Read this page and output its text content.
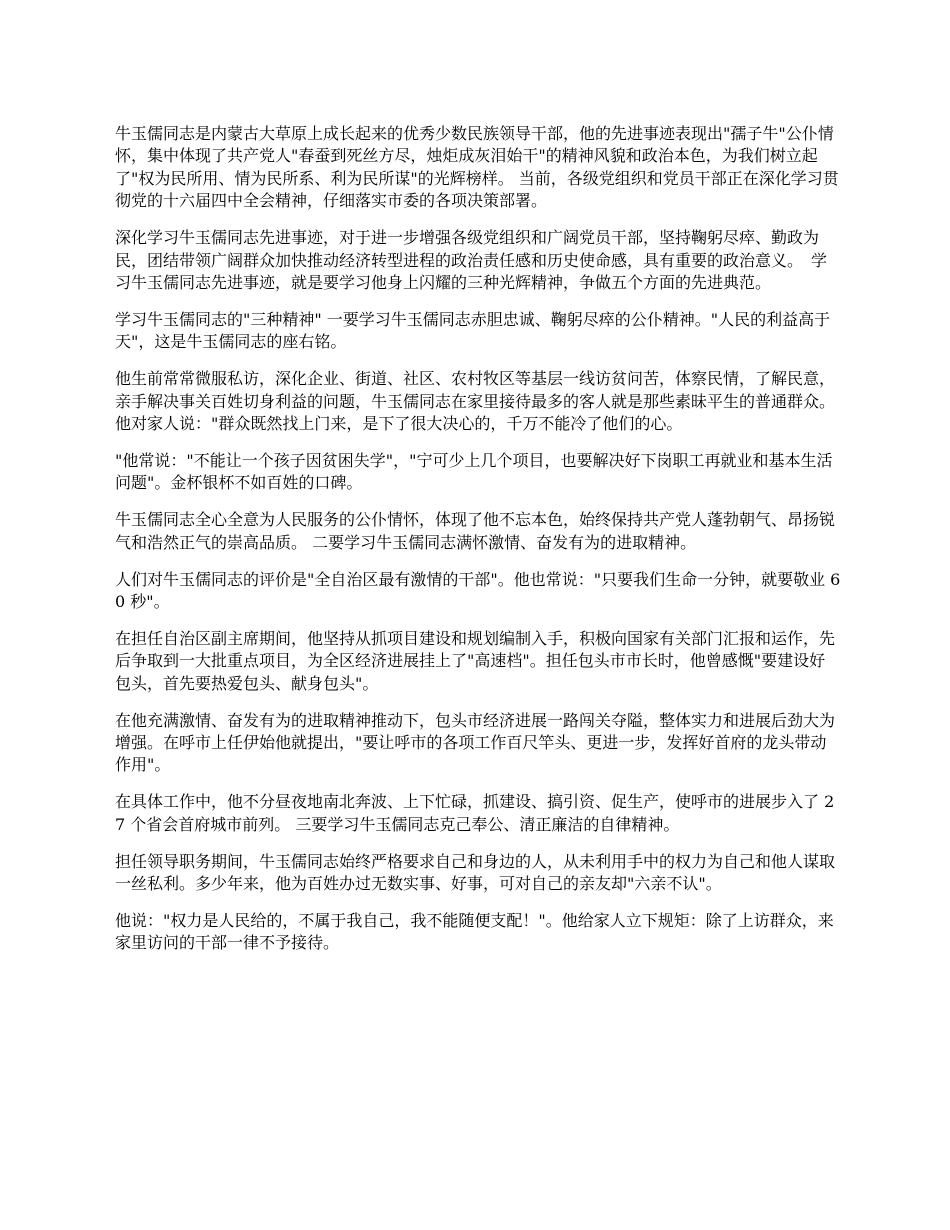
牛玉儒同志是内蒙古大草原上成长起来的优秀少数民族领导干部，他的先进事迹表现出"孺子牛"公仆情怀，集中体现了共产党人"春蚕到死丝方尽，烛炬成灰泪始干"的精神风貌和政治本色，为我们树立起了"权为民所用、情为民所系、利为民所谋"的光辉榜样。 当前，各级党组织和党员干部正在深化学习贯彻党的十六届四中全会精神，仔细落实市委的各项决策部署。

深化学习牛玉儒同志先进事迹，对于进一步增强各级党组织和广阔党员干部，坚持鞠躬尽瘁、勤政为民，团结带领广阔群众加快推动经济转型进程的政治责任感和历史使命感，具有重要的政治意义。　学习牛玉儒同志先进事迹，就是要学习他身上闪耀的三种光辉精神，争做五个方面的先进典范。

学习牛玉儒同志的"三种精神" 一要学习牛玉儒同志赤胆忠诚、鞠躬尽瘁的公仆精神。"人民的利益高于天"，这是牛玉儒同志的座右铭。

他生前常常微服私访，深化企业、街道、社区、农村牧区等基层一线访贫问苦，体察民情，了解民意，亲手解决事关百姓切身利益的问题，牛玉儒同志在家里接待最多的客人就是那些素昧平生的普通群众。他对家人说："群众既然找上门来，是下了很大决心的，千万不能冷了他们的心。

"他常说："不能让一个孩子因贫困失学"，"宁可少上几个项目，也要解决好下岗职工再就业和基本生活问题"。金杯银杯不如百姓的口碑。

牛玉儒同志全心全意为人民服务的公仆情怀，体现了他不忘本色，始终保持共产党人蓬勃朝气、昂扬锐气和浩然正气的崇高品质。 二要学习牛玉儒同志满怀激情、奋发有为的进取精神。

人们对牛玉儒同志的评价是"全自治区最有激情的干部"。他也常说："只要我们生命一分钟，就要敬业 60 秒"。

在担任自治区副主席期间，他坚持从抓项目建设和规划编制入手，积极向国家有关部门汇报和运作，先后争取到一大批重点项目，为全区经济进展挂上了"高速档"。担任包头市市长时，他曾感慨"要建设好包头，首先要热爱包头、献身包头"。

在他充满激情、奋发有为的进取精神推动下，包头市经济进展一路闯关夺隘，整体实力和进展后劲大为增强。在呼市上任伊始他就提出，"要让呼市的各项工作百尺竿头、更进一步，发挥好首府的龙头带动作用"。

在具体工作中，他不分昼夜地南北奔波、上下忙碌，抓建设、搞引资、促生产，使呼市的进展步入了 27 个省会首府城市前列。 三要学习牛玉儒同志克己奉公、清正廉洁的自律精神。

担任领导职务期间，牛玉儒同志始终严格要求自己和身边的人，从未利用手中的权力为自己和他人谋取一丝私利。多少年来，他为百姓办过无数实事、好事，可对自己的亲友却"六亲不认"。

他说："权力是人民给的，不属于我自己，我不能随便支配！"。他给家人立下规矩：除了上访群众，来家里访问的干部一律不予接待。
